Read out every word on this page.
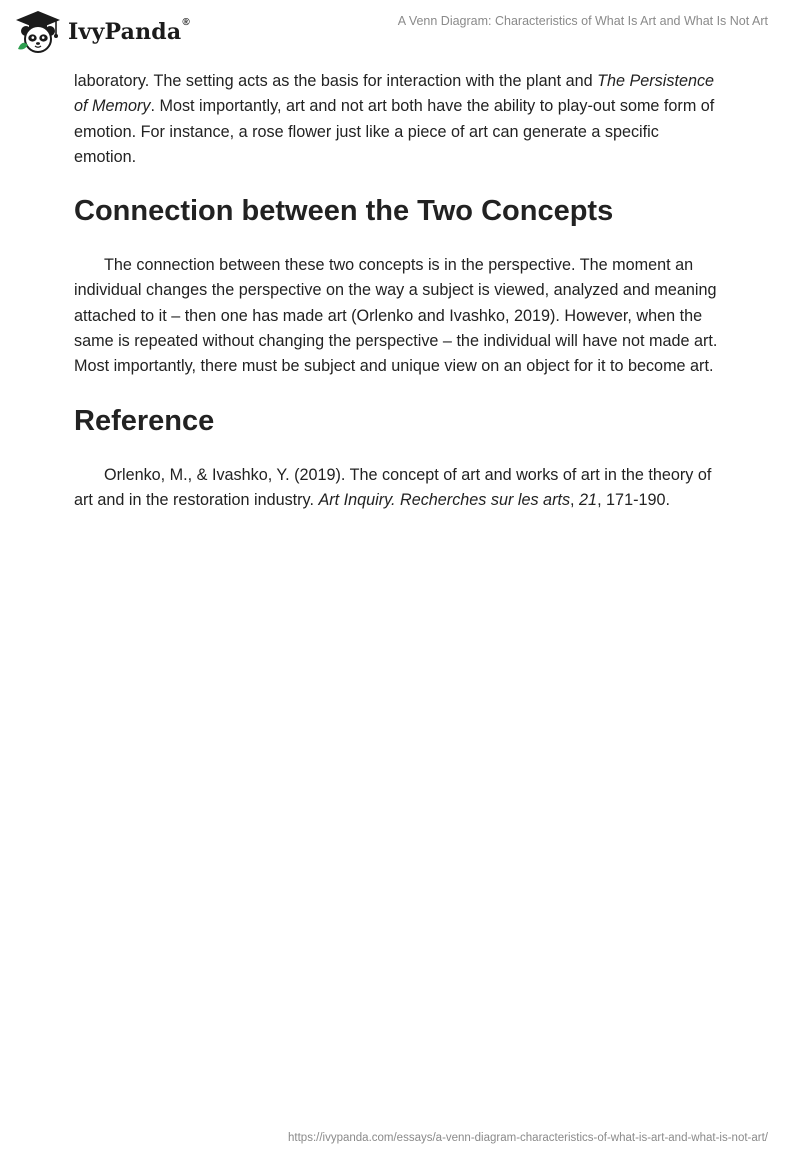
IvyPanda®	A Venn Diagram: Characteristics of What Is Art and What Is Not Art

laboratory. The setting acts as the basis for interaction with the plant and The Persistence of Memory. Most importantly, art and not art both have the ability to play-out some form of emotion. For instance, a rose flower just like a piece of art can generate a specific emotion.

Connection between the Two Concepts

The connection between these two concepts is in the perspective. The moment an individual changes the perspective on the way a subject is viewed, analyzed and meaning attached to it – then one has made art (Orlenko and Ivashko, 2019). However, when the same is repeated without changing the perspective – the individual will have not made art. Most importantly, there must be subject and unique view on an object for it to become art.

Reference

Orlenko, M., & Ivashko, Y. (2019). The concept of art and works of art in the theory of art and in the restoration industry. Art Inquiry. Recherches sur les arts, 21, 171-190.

https://ivypanda.com/essays/a-venn-diagram-characteristics-of-what-is-art-and-what-is-not-art/
